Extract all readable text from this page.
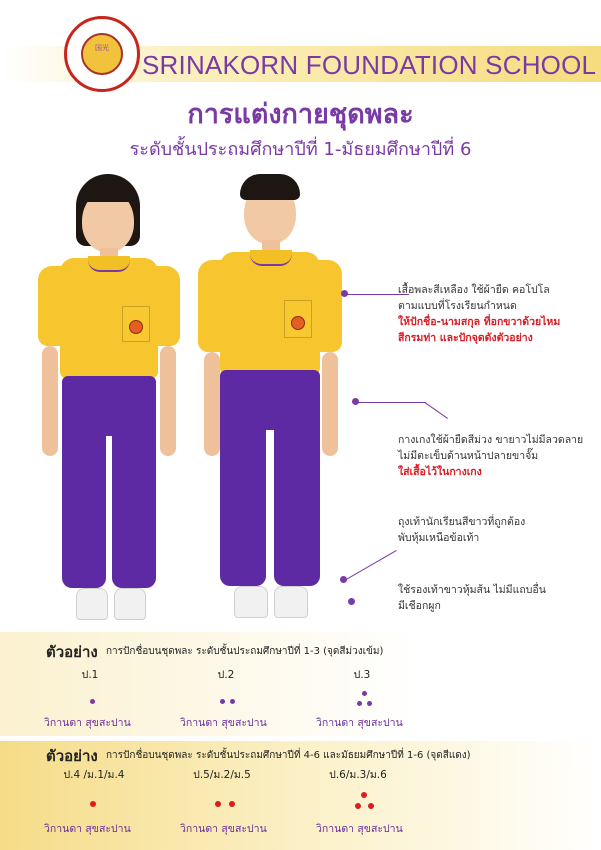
国光
SRINAKORN FOUNDATION SCHOOL
การแต่งกายชุดพละ
ระดับชั้นประถมศึกษาปีที่ 1-มัธยมศึกษาปีที่ 6
เสื้อพละสีเหลือง ใช้ผ้ายืด คอโปโล
ตามแบบที่โรงเรียนกำหนด
ให้ปักชื่อ-นามสกุล ที่อกขวาด้วยไหม
สีกรมท่า และปักจุดดังตัวอย่าง
กางเกงใช้ผ้ายืดสีม่วง ขายาวไม่มีลวดลาย
ไม่มีตะเข็บด้านหน้าปลายขาจั๊ม
ใส่เสื้อไว้ในกางเกง
ถุงเท้านักเรียนสีขาวที่ถูกต้อง
พับหุ้มเหนือข้อเท้า
ใช้รองเท้าขาวหุ้มส้น ไม่มีแถบอื่น
มีเชือกผูก
ตัวอย่าง การปักชื่อบนชุดพละ ระดับชั้นประถมศึกษาปีที่ 1-3 (จุดสีม่วงเข้ม)
ป.1	ป.2	ป.3
วิกานดา สุขสะปาน	วิกานดา สุขสะปาน	วิกานดา สุขสะปาน
ตัวอย่าง การปักชื่อบนชุดพละ ระดับชั้นประถมศึกษาปีที่ 4-6 และมัธยมศึกษาปีที่ 1-6 (จุดสีแดง)
ป.4 /ม.1/ม.4	ป.5/ม.2/ม.5	ป.6/ม.3/ม.6
วิกานดา สุขสะปาน	วิกานดา สุขสะปาน	วิกานดา สุขสะปาน
